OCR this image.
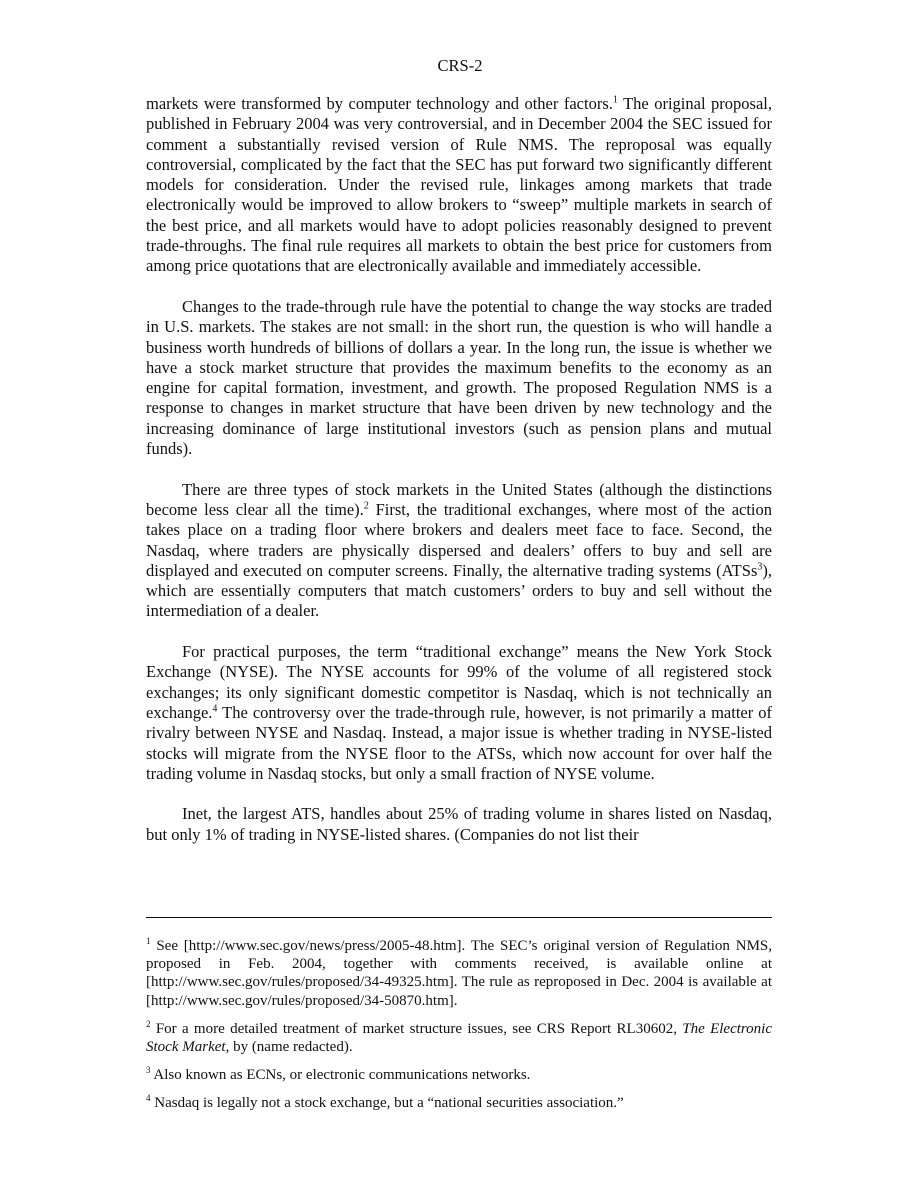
CRS-2

markets were transformed by computer technology and other factors.$^1$ The original proposal, published in February 2004 was very controversial, and in December 2004 the SEC issued for comment a substantially revised version of Rule NMS. The reproposal was equally controversial, complicated by the fact that the SEC has put forward two significantly different models for consideration. Under the revised rule, linkages among markets that trade electronically would be improved to allow brokers to “sweep” multiple markets in search of the best price, and all markets would have to adopt policies reasonably designed to prevent trade-throughs. The final rule requires all markets to obtain the best price for customers from among price quotations that are electronically available and immediately accessible.

Changes to the trade-through rule have the potential to change the way stocks are traded in U.S. markets. The stakes are not small: in the short run, the question is who will handle a business worth hundreds of billions of dollars a year. In the long run, the issue is whether we have a stock market structure that provides the maximum benefits to the economy as an engine for capital formation, investment, and growth. The proposed Regulation NMS is a response to changes in market structure that have been driven by new technology and the increasing dominance of large institutional investors (such as pension plans and mutual funds).

There are three types of stock markets in the United States (although the distinctions become less clear all the time).$^2$ First, the traditional exchanges, where most of the action takes place on a trading floor where brokers and dealers meet face to face. Second, the Nasdaq, where traders are physically dispersed and dealers’ offers to buy and sell are displayed and executed on computer screens. Finally, the alternative trading systems (ATSs$^3$), which are essentially computers that match customers’ orders to buy and sell without the intermediation of a dealer.

For practical purposes, the term “traditional exchange” means the New York Stock Exchange (NYSE). The NYSE accounts for 99% of the volume of all registered stock exchanges; its only significant domestic competitor is Nasdaq, which is not technically an exchange.$^4$ The controversy over the trade-through rule, however, is not primarily a matter of rivalry between NYSE and Nasdaq. Instead, a major issue is whether trading in NYSE-listed stocks will migrate from the NYSE floor to the ATSs, which now account for over half the trading volume in Nasdaq stocks, but only a small fraction of NYSE volume.

Inet, the largest ATS, handles about 25% of trading volume in shares listed on Nasdaq, but only 1% of trading in NYSE-listed shares. (Companies do not list their

$^1$ See [http://www.sec.gov/news/press/2005-48.htm]. The SEC’s original version of Regulation NMS, proposed in Feb. 2004, together with comments received, is available online at [http://www.sec.gov/rules/proposed/34-49325.htm]. The rule as reproposed in Dec. 2004 is available at [http://www.sec.gov/rules/proposed/34-50870.htm].

$^2$ For a more detailed treatment of market structure issues, see CRS Report RL30602, The Electronic Stock Market, by (name redacted).

$^3$ Also known as ECNs, or electronic communications networks.

$^4$ Nasdaq is legally not a stock exchange, but a “national securities association.”
